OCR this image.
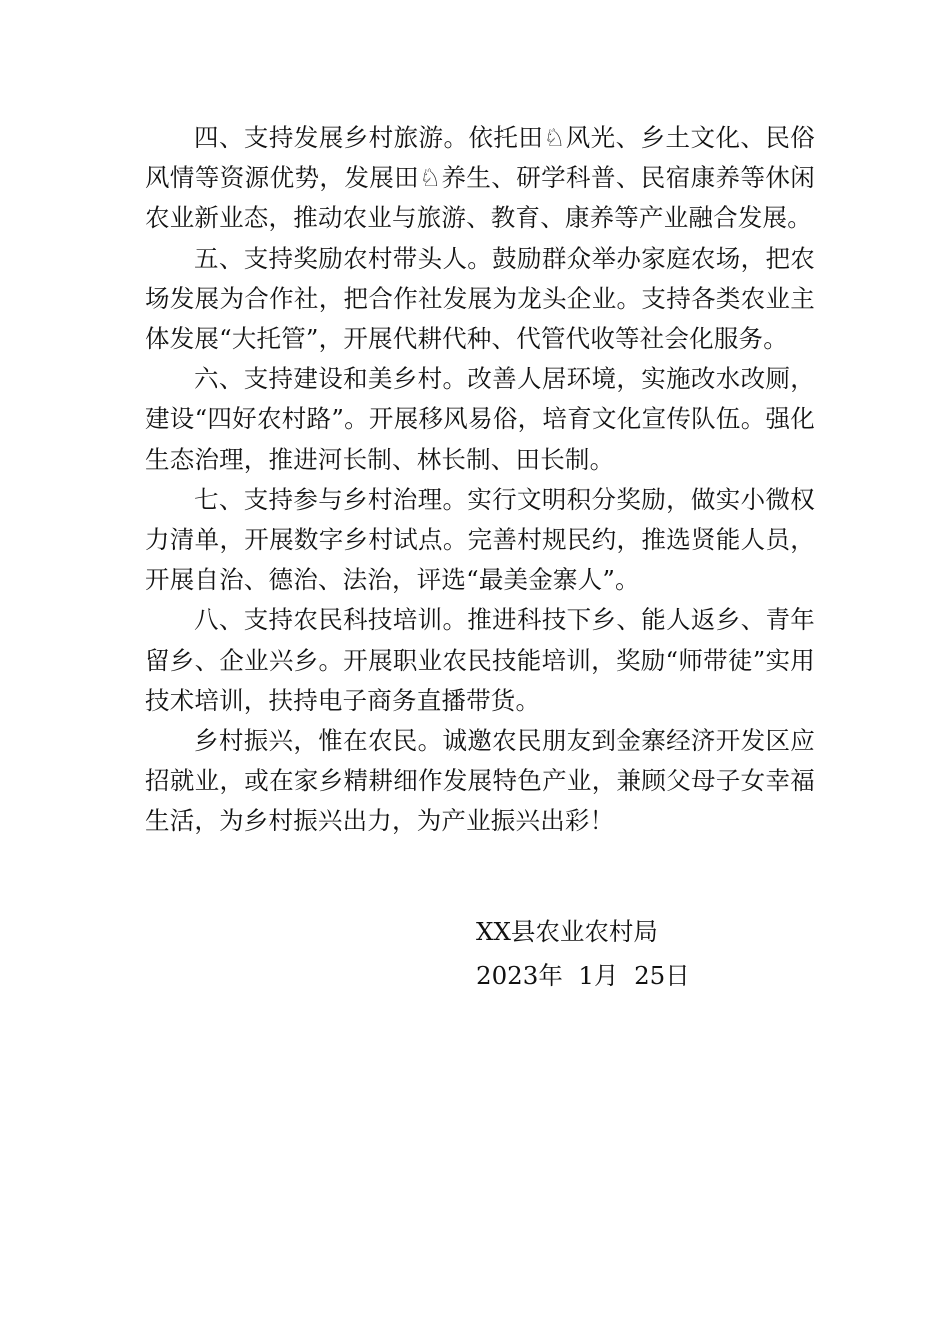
四、支持发展乡村旅游。依托田♘风光、乡土文化、民俗风情等资源优势，发展田♘养生、研学科普、民宿康养等休闲农业新业态，推动农业与旅游、教育、康养等产业融合发展。

五、支持奖励农村带头人。鼓励群众举办家庭农场，把农场发展为合作社，把合作社发展为龙头企业。支持各类农业主体发展“大托管”，开展代耕代种、代管代收等社会化服务。

六、支持建设和美乡村。改善人居环境，实施改水改厕，建设“四好农村路”。开展移风易俗，培育文化宣传队伍。强化生态治理，推进河长制、林长制、田长制。

七、支持参与乡村治理。实行文明积分奖励，做实小微权力清单，开展数字乡村试点。完善村规民约，推选贤能人员，开展自治、德治、法治，评选“最美金寨人”。

八、支持农民科技培训。推进科技下乡、能人返乡、青年留乡、企业兴乡。开展职业农民技能培训，奖励“师带徒”实用技术培训，扶持电子商务直播带货。

乡村振兴，惟在农民。诚邀农民朋友到金寨经济开发区应招就业，或在家乡精耕细作发展特色产业，兼顾父母子女幸福生活，为乡村振兴出力，为产业振兴出彩！

XX县农业农村局

2023年  1月  25日
